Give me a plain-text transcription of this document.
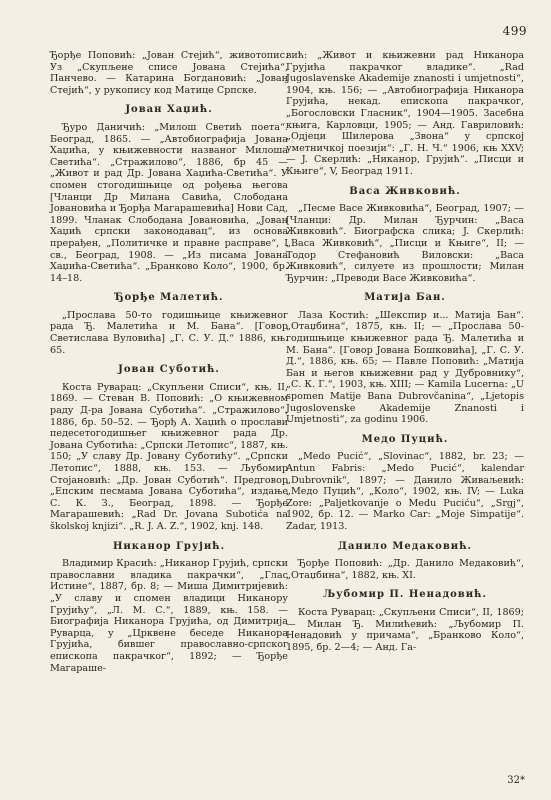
499

Ђорђе Поповић: „Јован Стејић“, животопис. Уз „Скупљене списе Јована Стејића“, Панчево. — Катарина Богдановић: „Јован Стејић“, у рукопису код Матице Српске.

Јован Хаџић.

Ђуро Даничић: „Милош Светић поета“. Београд, 1865. — „Автобиографија Јована Хаџића, у књижевности названог Милоша Светића“. „Стражилово“, 1886, бр 45 — „Живот и рад Др. Јована Хаџића-Светића“. У спомен стогодишњице од рођења његова [Чланци Др Милана Савића, Слободана Јовановића и Ђорђа Магарашевића] Нови Сад, 1899. Чланак Слободана Јовановића, „Јован Хаџић српски законодавац“, из основа прерађен, „Политичке и правне расправе“, I св., Београд, 1908. — „Из писама Јована Хаџића-Светића“. „Бранково Коло“, 1900, бр. 14–18.

Ђорђе Малетић.

„Прослава 50-то годишњице књижевног рада Ђ. Малетића и М. Бана“. [Говор Светислава Вуловића] „Г. С. У. Д.“ 1886, књ. 65.

Јован Суботић.

Коста Руварац: „Скупљени Списи“, књ. II, 1869. — Стеван В. Поповић: „О књижевном раду Д-ра Јована Суботића“. „Стражилово“, 1886, бр. 50–52. — Ђорђ А. Хаџић о прослави педесетогодишњег књижевног рада Др. Јована Суботића: „Српски Летопис“, 1887, књ. 150; „У славу Др. Јовану Суботићу“. „Српски Летопис“, 1888, књ. 153. — Љубомир Стојановић: „Др. Јован Суботић“. Предговор „Епским песмама Јована Суботића“, издање С. К. З., Београд, 1898. — Ђорђе Магарашевић: „Rad Dr. Jovana Subotića na školskoj knjizi“. „R. J. A. Z.“, 1902, knj. 148.

Никанор Грујић.

Владимир Красић: „Никанор Грујић, српски православни владика пакрачки“, „Глас Истине“, 1887, бр. 8; — Миша Димитријевић: „У славу и спомен владици Никанору Грујићу“, „Л. М. С.“, 1889, књ. 158. — Биографија Никанора Грујића, од Димитрија Руварца, у „Црквене беседе Никанора Грујића, бившег православно-српског епископа пакрачког“, 1892; — Ђорђе Магараше-

вић: „Живот и књижевни рад Никанора Грујића пакрачког владике“. „Rad Jugoslavenske Akademije znanosti i umjetnosti“, 1904, књ. 156; — „Автобиографија Никанора Грујића, некад. епископа пакрачког, „Богословски Гласник“, 1904—1905. Засебна књига, Карловци, 1905; — Анд. Гавриловић: „Одјеци Шилерова „Звона“ у српској уметничкој поезији“: „Г. Н. Ч.“ 1906, књ XXV; — J. Скерлић: „Никанор, Грујић“. „Писци и Књиге“, V, Београд 1911.

Васа Живковић.

„Песме Васе Живковића“, Београд, 1907; — [Чланци: Др. Милан Ђурчин: „Васа Живковић“. Биографска слика; J. Скерлић: „Васа Живковић“, „Писци и Књиге“, II; — Тодор Стефановић Виловски: „Васа Живковић“, силуете из прошлости; Милан Ђурчин: „Преводи Васе Живковића“.

Матија Бан.

Лаза Костић: „Шекспир и... Матија Бан“. „Отаџбина“, 1875, књ. II; — „Прослава 50-годишњице књижевног рада Ђ. Малетића и М. Бана“. [Говор Јована Бошковића], „Г. С. У. Д.“, 1886, књ. 65; — Павле Поповић: „Матија Бан и његов књижевни рад у Дубровнику“, „С. К. Г.“, 1903, књ. XIII; — Kamila Lucerna: „U spomen Matije Bana Dubrovčanina“, „Ljetopis Jugoslovenske Akademije Znanosti i Umjetnosti“, za godinu 1906.

Медо Пуцић.

„Medo Pucić“, „Slovinac“, 1882, br. 23; — Antun Fabris: „Medo Pucić“, kalendar „Dubrovnik“, 1897; — Данило Живаљевић: „Медо Пуцић“, „Коло“, 1902, књ. IV; — Luka Zore: „Paljetkovanje o Medu Puciću“, „Srgj“, 1902, бр. 12. — Marko Car: „Moje Simpatije“. Zadar, 1913.

Данило Медаковић.

Ђорђе Поповић: „Др. Данило Медаковић“, „Отаџбина“, 1882, књ. XI.

Љубомир П. Ненадовић.

Коста Руварац: „Скупљени Списи“, II, 1869; — Милан Ђ. Милићевић: „Љубомир П. Ненадовић у причама“, „Бранково Коло“, 1895, бр. 2—4; — Анд. Га-

32*
